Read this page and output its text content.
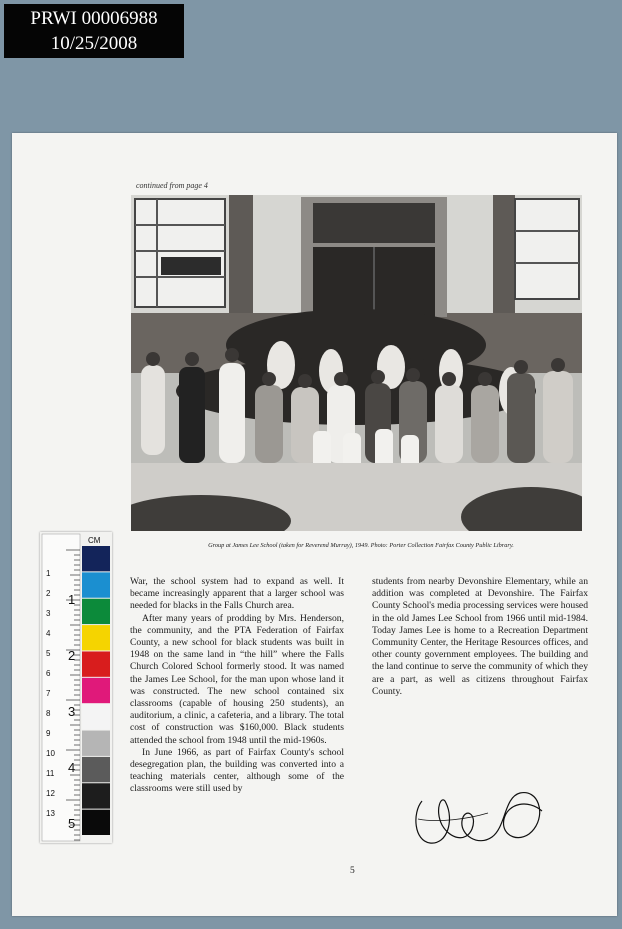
PRWI 00006988
10/25/2008
continued from page 4
Group at James Lee School (taken for Reverend Murray), 1949. Photo: Porter Collection Fairfax County Public Library.

War, the school system had to expand as well. It became increasingly apparent that a larger school was needed for blacks in the Falls Church area.

After many years of prodding by Mrs. Henderson, the community, and the PTA Federation of Fairfax County, a new school for black students was built in 1948 on the same land in “the hill” where the Falls Church Colored School formerly stood. It was named the James Lee School, for the man upon whose land it was constructed. The new school contained six classrooms (capable of housing 250 students), an auditorium, a clinic, a cafeteria, and a library. The total cost of construction was $160,000. Black students attended the school from 1948 until the mid-1960s.

In June 1966, as part of Fairfax County's school desegregation plan, the building was converted into a teaching materials center, although some of the classrooms were still used by

students from nearby Devonshire Elementary, while an addition was completed at Devonshire. The Fairfax County School's media processing services were housed in the old James Lee School from 1966 until mid-1984. Today James Lee is home to a Recreation Department Community Center, the Heritage Resources offices, and other county government employees. The building and the land continue to serve the community of which they are a part, as well as citizens throughout Fairfax County.

5
1
2
3
4
5
1
2
3
4
5
6
7
8
9
10
11
12
13
CM
